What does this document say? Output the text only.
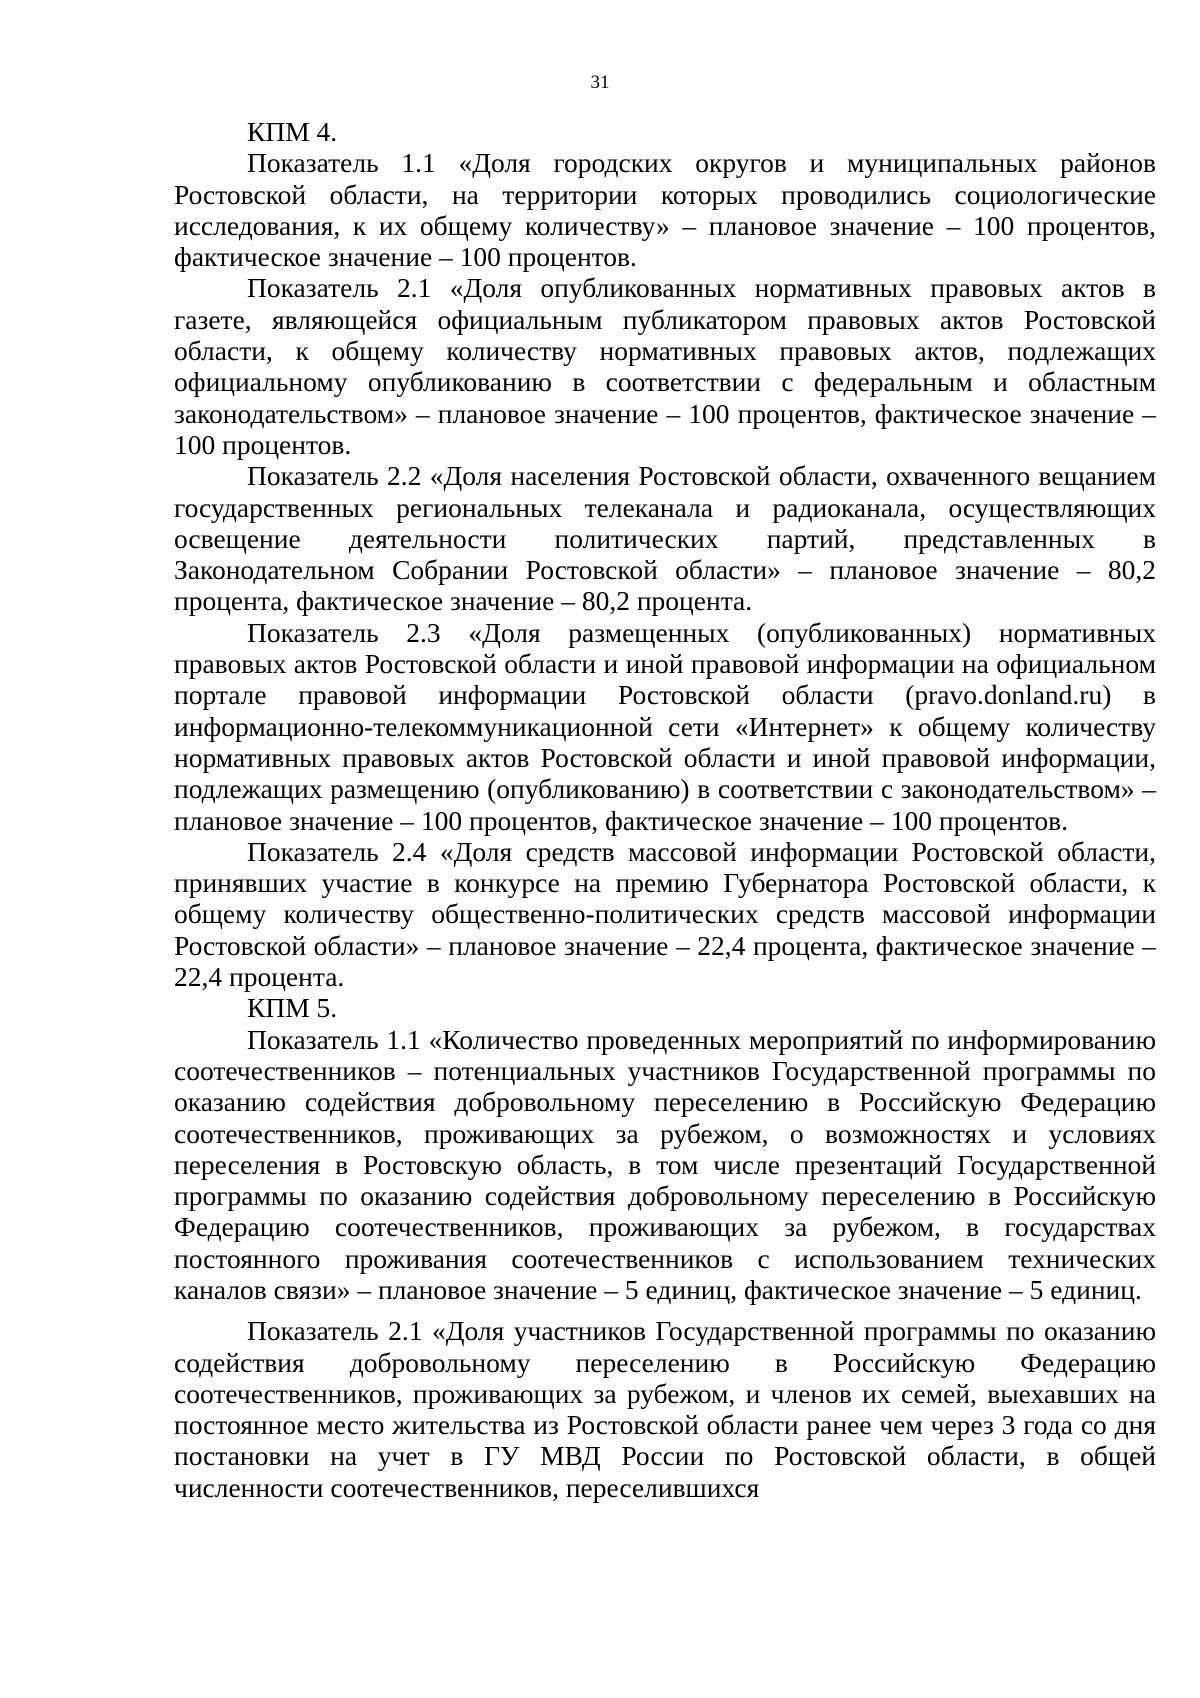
31

КПМ 4.

Показатель 1.1 «Доля городских округов и муниципальных районов Ростовской области, на территории которых проводились социологические исследования, к их общему количеству» – плановое значение – 100 процентов, фактическое значение – 100 процентов.

Показатель 2.1 «Доля опубликованных нормативных правовых актов в газете, являющейся официальным публикатором правовых актов Ростовской области, к общему количеству нормативных правовых актов, подлежащих официальному опубликованию в соответствии с федеральным и областным законодательством» – плановое значение – 100 процентов, фактическое значение – 100 процентов.

Показатель 2.2 «Доля населения Ростовской области, охваченного вещанием государственных региональных телеканала и радиоканала, осуществляющих освещение деятельности политических партий, представленных в Законодательном Собрании Ростовской области» – плановое значение – 80,2 процента, фактическое значение – 80,2 процента.

Показатель 2.3 «Доля размещенных (опубликованных) нормативных правовых актов Ростовской области и иной правовой информации на официальном портале правовой информации Ростовской области (pravo.donland.ru) в информационно-телекоммуникационной сети «Интернет» к общему количеству нормативных правовых актов Ростовской области и иной правовой информации, подлежащих размещению (опубликованию) в соответствии с законодательством» – плановое значение – 100 процентов, фактическое значение – 100 процентов.

Показатель 2.4 «Доля средств массовой информации Ростовской области, принявших участие в конкурсе на премию Губернатора Ростовской области, к общему количеству общественно-политических средств массовой информации Ростовской области» – плановое значение – 22,4 процента, фактическое значение – 22,4 процента.

КПМ 5.

Показатель 1.1 «Количество проведенных мероприятий по информированию соотечественников – потенциальных участников Государственной программы по оказанию содействия добровольному переселению в Российскую Федерацию соотечественников, проживающих за рубежом, о возможностях и условиях переселения в Ростовскую область, в том числе презентаций Государственной программы по оказанию содействия добровольному переселению в Российскую Федерацию соотечественников, проживающих за рубежом, в государствах постоянного проживания соотечественников с использованием технических каналов связи» – плановое значение – 5 единиц, фактическое значение – 5 единиц.

Показатель 2.1 «Доля участников Государственной программы по оказанию содействия добровольному переселению в Российскую Федерацию соотечественников, проживающих за рубежом, и членов их семей, выехавших на постоянное место жительства из Ростовской области ранее чем через 3 года со дня постановки на учет в ГУ МВД России по Ростовской области, в общей численности соотечественников, переселившихся
